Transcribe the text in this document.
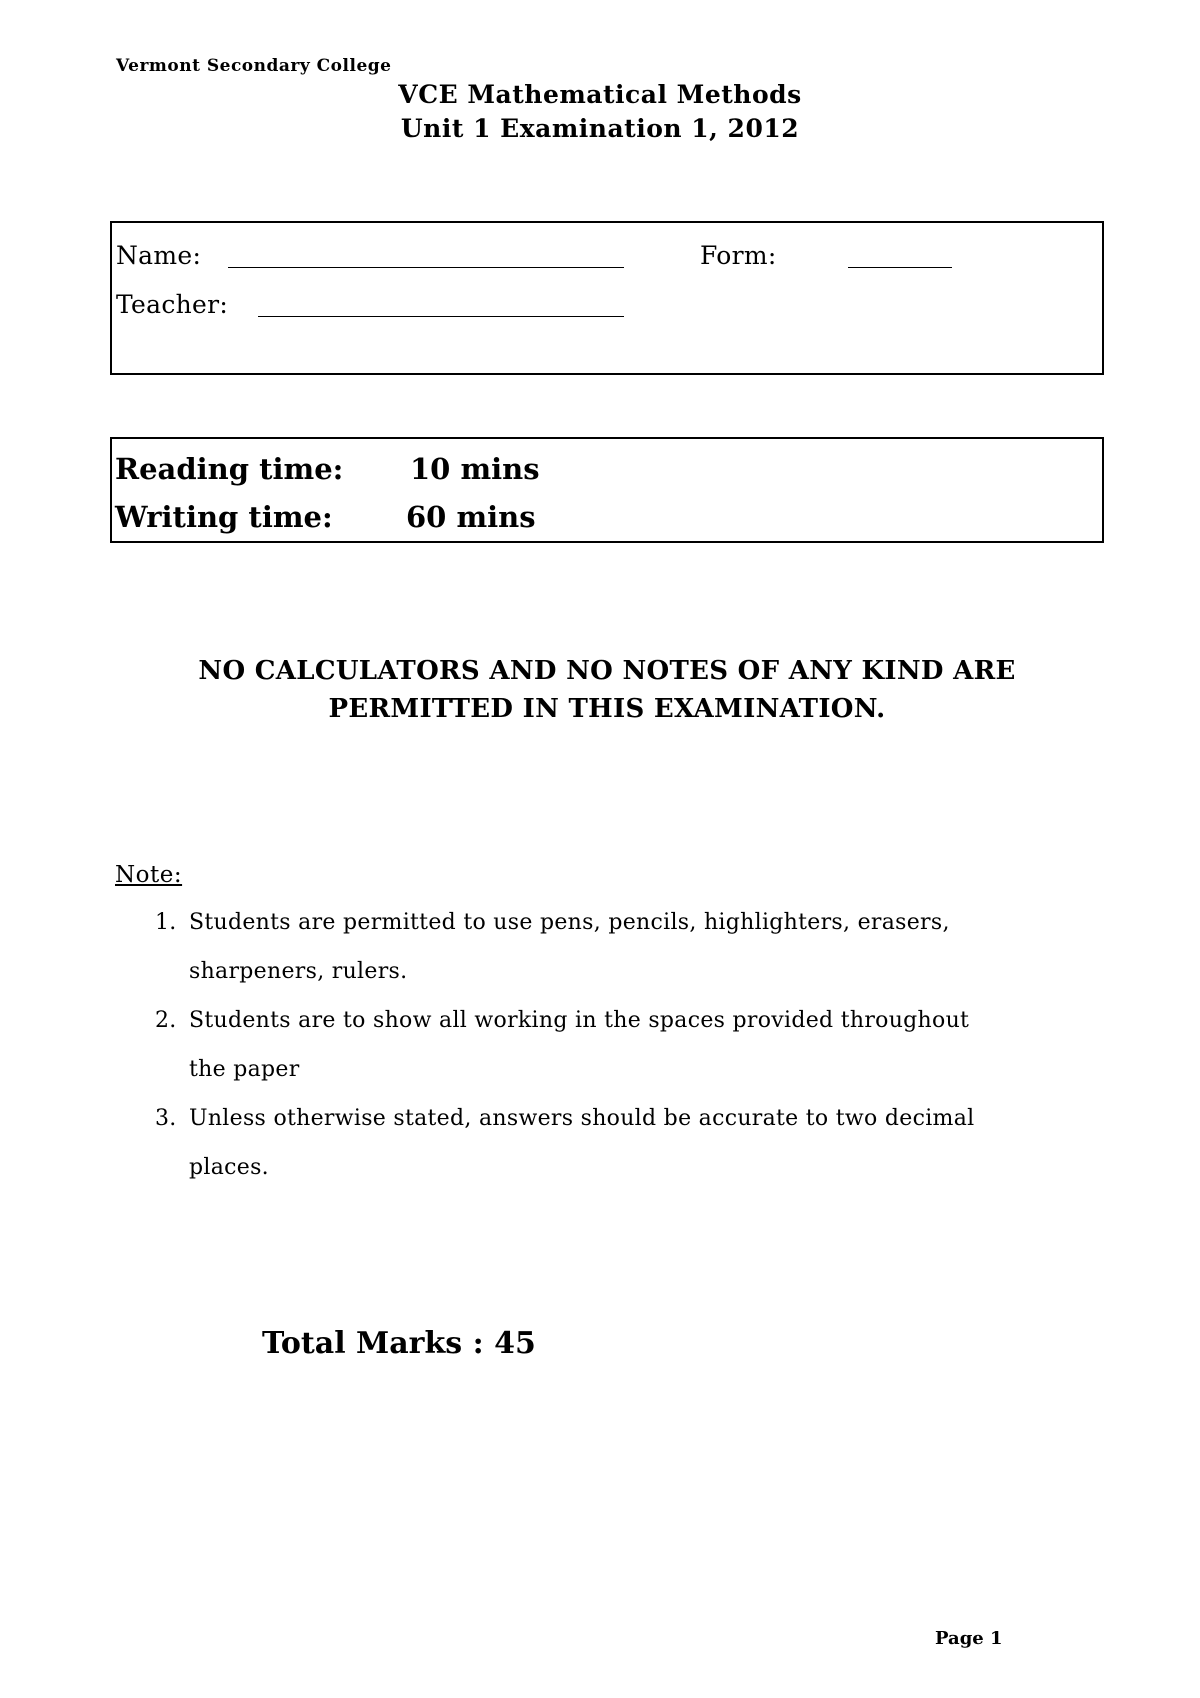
Vermont Secondary College
VCE Mathematical Methods
Unit 1 Examination 1, 2012
Name:	Form:
Teacher:
Reading time: 10 mins
Writing time:	60 mins
NO CALCULATORS AND NO NOTES OF ANY KIND ARE
PERMITTED IN THIS EXAMINATION.
Note:
1. Students are permitted to use pens, pencils, highlighters, erasers,
sharpeners, rulers.
2. Students are to show all working in the spaces provided throughout
the paper
3. Unless otherwise stated, answers should be accurate to two decimal
places.
Total Marks : 45
Page 1
